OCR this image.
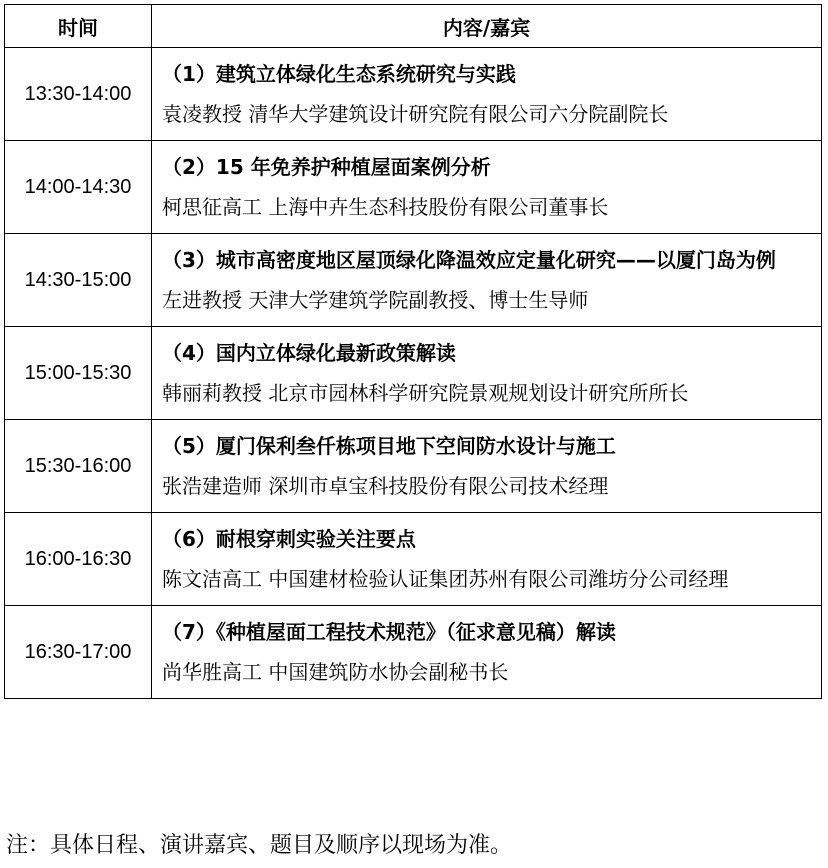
时间	内容/嘉宾
13:30-14:00	（1）建筑立体绿化生态系统研究与实践
袁凌教授 清华大学建筑设计研究院有限公司六分院副院长

14:00-14:30	（2）15 年免养护种植屋面案例分析
柯思征高工 上海中卉生态科技股份有限公司董事长

14:30-15:00	（3）城市高密度地区屋顶绿化降温效应定量化研究——以厦门岛为例
左进教授 天津大学建筑学院副教授、博士生导师

15:00-15:30	（4）国内立体绿化最新政策解读
韩丽莉教授 北京市园林科学研究院景观规划设计研究所所长

15:30-16:00	（5）厦门保利叁仟栋项目地下空间防水设计与施工
张浩建造师 深圳市卓宝科技股份有限公司技术经理

16:00-16:30	（6）耐根穿刺实验关注要点
陈文洁高工 中国建材检验认证集团苏州有限公司潍坊分公司经理

16:30-17:00	（7）《种植屋面工程技术规范》（征求意见稿）解读
尚华胜高工 中国建筑防水协会副秘书长
注：具体日程、演讲嘉宾、题目及顺序以现场为准。
